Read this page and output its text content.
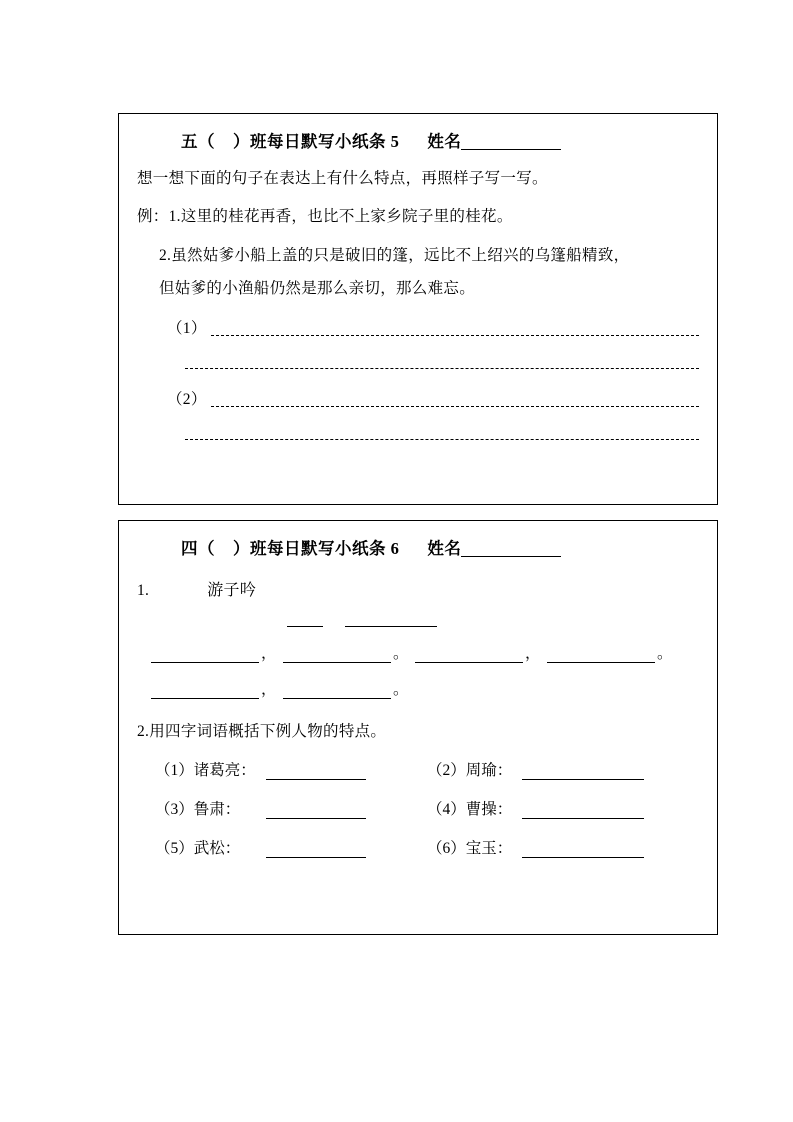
五（ ）班每日默写小纸条 5 姓名
想一想下面的句子在表达上有什么特点，再照样子写一写。
例：1.这里的桂花再香，也比不上家乡院子里的桂花。
2.虽然姑爹小船上盖的只是破旧的篷，远比不上绍兴的乌篷船精致，
但姑爹的小渔船仍然是那么亲切，那么难忘。
（1）
（2）
四（ ）班每日默写小纸条 6 姓名
1.	游子吟
，	。	，	。
，	。
2.用四字词语概括下例人物的特点。
（1）诸葛亮：	（2）周瑜：
（3）鲁肃：	（4）曹操：
（5）武松：	（6）宝玉：
